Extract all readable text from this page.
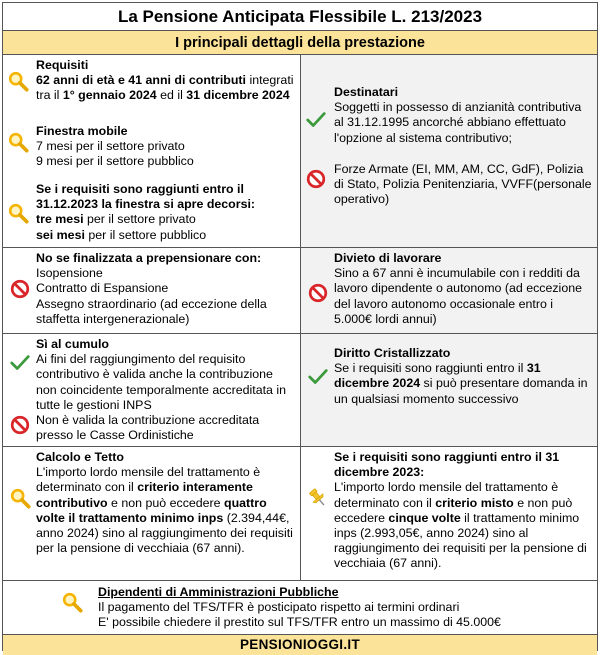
La Pensione Anticipata Flessibile L. 213/2023
I principali dettagli della prestazione
Requisiti
62 anni di età e 41 anni di contributi integrati tra il 1° gennaio 2024 ed il 31 dicembre 2024
Finestra mobile
7 mesi per il settore privato
9 mesi per il settore pubblico
Se i requisiti sono raggiunti entro il 31.12.2023 la finestra si apre decorsi:
tre mesi per il settore privato
sei mesi per il settore pubblico
Destinatari
Soggetti in possesso di anzianità contributiva al 31.12.1995 ancorché abbiano effettuato l'opzione al sistema contributivo;
Forze Armate (EI, MM, AM, CC, GdF), Polizia di Stato, Polizia Penitenziaria, VVFF(personale operativo)
No se finalizzata a prepensionare con:
Isopensione
Contratto di Espansione
Assegno straordinario (ad eccezione della staffetta intergenerazionale)
Divieto di lavorare
Sino a 67 anni è incumulabile con i redditi da lavoro dipendente o autonomo (ad eccezione del lavoro autonomo occasionale entro i 5.000€ lordi annui)
Sì al cumulo
Ai fini del raggiungimento del requisito contributivo è valida anche la contribuzione non coincidente temporalmente accreditata in tutte le gestioni INPS
Non è valida la contribuzione accreditata presso le Casse Ordinistiche
Diritto Cristallizzato
Se i requisiti sono raggiunti entro il 31 dicembre 2024 si può presentare domanda in un qualsiasi momento successivo
Calcolo e Tetto
L'importo lordo mensile del trattamento è determinato con il criterio interamente contributivo e non può eccedere quattro volte il trattamento minimo inps (2.394,44€, anno 2024) sino al raggiungimento dei requisiti per la pensione di vecchiaia (67 anni).
Se i requisiti sono raggiunti entro il 31 dicembre 2023:
L'importo lordo mensile del trattamento è determinato con il criterio misto e non può eccedere cinque volte il trattamento minimo inps (2.993,05€, anno 2024) sino al raggiungimento dei requisiti per la pensione di vecchiaia (67 anni).
Dipendenti di Amministrazioni Pubbliche
Il pagamento del TFS/TFR è posticipato rispetto ai termini ordinari
E' possibile chiedere il prestito sul TFS/TFR entro un massimo di 45.000€
PENSIONIOGGI.IT
